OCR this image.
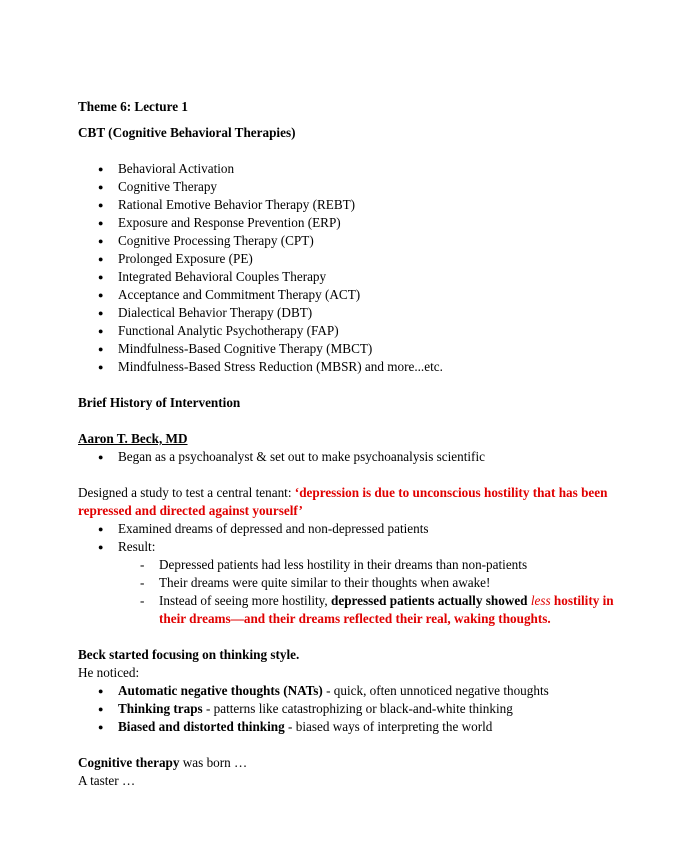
Theme 6: Lecture 1

CBT (Cognitive Behavioral Therapies)

● Behavioral Activation
● Cognitive Therapy
● Rational Emotive Behavior Therapy (REBT)
● Exposure and Response Prevention (ERP)
● Cognitive Processing Therapy (CPT)
● Prolonged Exposure (PE)
● Integrated Behavioral Couples Therapy
● Acceptance and Commitment Therapy (ACT)
● Dialectical Behavior Therapy (DBT)
● Functional Analytic Psychotherapy (FAP)
● Mindfulness-Based Cognitive Therapy (MBCT)
● Mindfulness-Based Stress Reduction (MBSR) and more...etc.

Brief History of Intervention

Aaron T. Beck, MD

● Began as a psychoanalyst & set out to make psychoanalysis scientific

Designed a study to test a central tenant: ‘depression is due to unconscious hostility that has been repressed and directed against yourself’

● Examined dreams of depressed and non-depressed patients
● Result:
- Depressed patients had less hostility in their dreams than non-patients
- Their dreams were quite similar to their thoughts when awake!
- Instead of seeing more hostility, depressed patients actually showed less hostility in their dreams—and their dreams reflected their real, waking thoughts.

Beck started focusing on thinking style.

He noticed:

● Automatic negative thoughts (NATs) - quick, often unnoticed negative thoughts
● Thinking traps - patterns like catastrophizing or black-and-white thinking
● Biased and distorted thinking - biased ways of interpreting the world

Cognitive therapy was born …

A taster …
